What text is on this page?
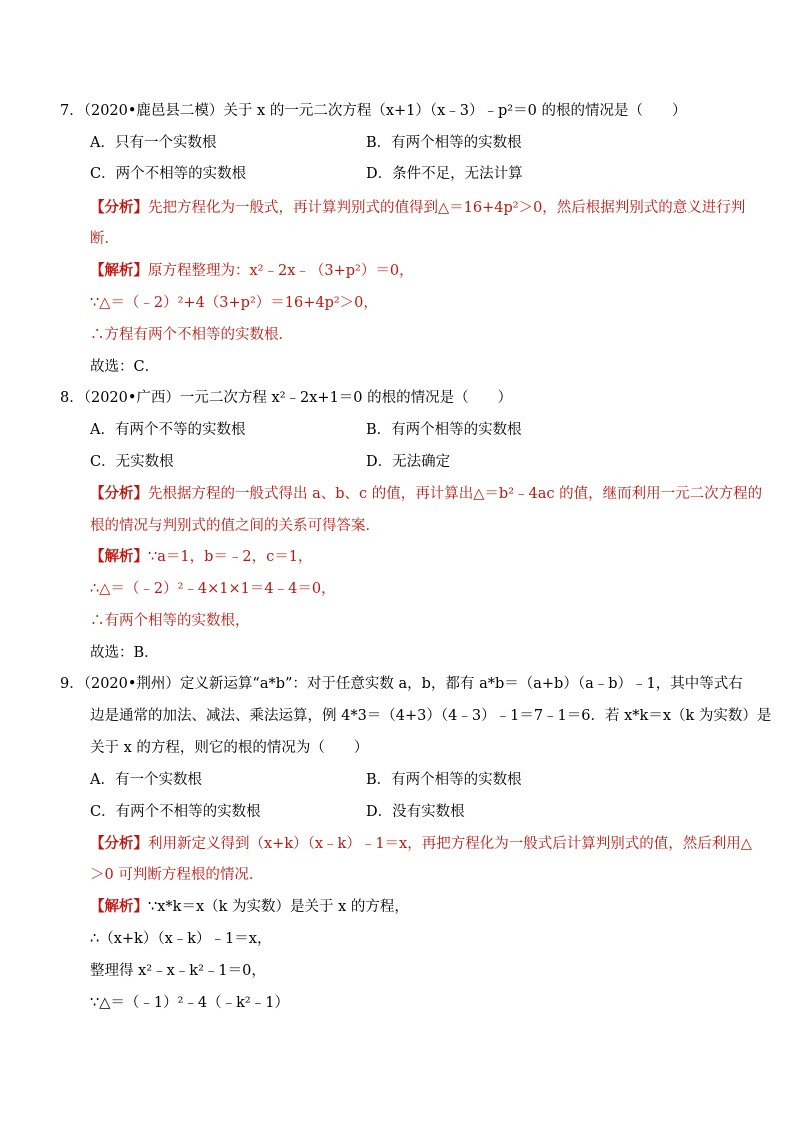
7．（2020•鹿邑县二模）关于 x 的一元二次方程（x+1）（x﹣3）﹣p²＝0 的根的情况是（　　）
A．只有一个实数根	B．有两个相等的实数根
C．两个不相等的实数根	D．条件不足，无法计算
【分析】先把方程化为一般式，再计算判别式的值得到△＝16+4p²＞0，然后根据判别式的意义进行判
断．
【解析】原方程整理为：x²﹣2x﹣（3+p²）＝0，
∵△＝（﹣2）²+4（3+p²）＝16+4p²＞0，
∴方程有两个不相等的实数根．
故选：C．
8．（2020•广西）一元二次方程 x²﹣2x+1＝0 的根的情况是（　　）
A．有两个不等的实数根	B．有两个相等的实数根
C．无实数根	D．无法确定
【分析】先根据方程的一般式得出 a、b、c 的值，再计算出△＝b²﹣4ac 的值，继而利用一元二次方程的
根的情况与判别式的值之间的关系可得答案．
【解析】∵a＝1，b＝﹣2，c＝1，
∴△＝（﹣2）²﹣4×1×1＝4﹣4＝0，
∴有两个相等的实数根，
故选：B．
9．（2020•荆州）定义新运算“a*b”：对于任意实数 a，b，都有 a*b＝（a+b）（a﹣b）﹣1，其中等式右
边是通常的加法、减法、乘法运算，例 4*3＝（4+3）（4﹣3）﹣1＝7﹣1＝6．若 x*k＝x（k 为实数）是
关于 x 的方程，则它的根的情况为（　　）
A．有一个实数根	B．有两个相等的实数根
C．有两个不相等的实数根	D．没有实数根
【分析】利用新定义得到（x+k）（x﹣k）﹣1＝x，再把方程化为一般式后计算判别式的值，然后利用△
＞0 可判断方程根的情况．
【解析】∵x*k＝x（k 为实数）是关于 x 的方程，
∴（x+k）（x﹣k）﹣1＝x，
整理得 x²﹣x﹣k²﹣1＝0，
∵△＝（﹣1）²﹣4（﹣k²﹣1）
